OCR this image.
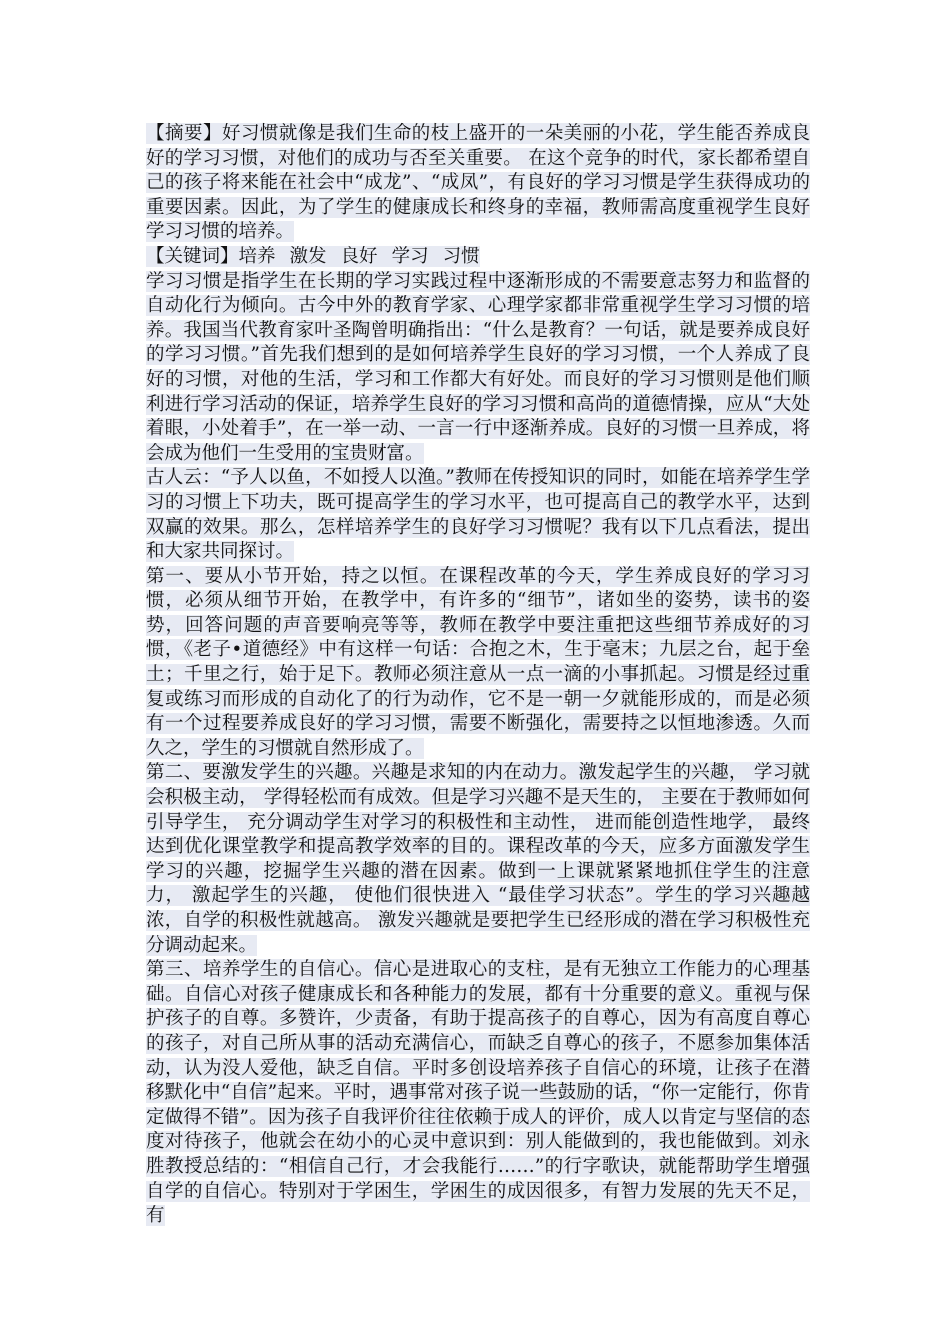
【摘要】好习惯就像是我们生命的枝上盛开的一朵美丽的小花，学生能否养成良好的学习习惯，对他们的成功与否至关重要。 在这个竞争的时代，家长都希望自己的孩子将来能在社会中“成龙”、“成凤”，有良好的学习习惯是学生获得成功的重要因素。因此，为了学生的健康成长和终身的幸福，教师需高度重视学生良好学习习惯的培养。

【关键词】培养 激发 良好 学习 习惯

学习习惯是指学生在长期的学习实践过程中逐渐形成的不需要意志努力和监督的自动化行为倾向。古今中外的教育学家、心理学家都非常重视学生学习习惯的培养。我国当代教育家叶圣陶曾明确指出：“什么是教育？一句话，就是要养成良好的学习习惯。”首先我们想到的是如何培养学生良好的学习习惯，一个人养成了良好的习惯，对他的生活，学习和工作都大有好处。而良好的学习习惯则是他们顺利进行学习活动的保证，培养学生良好的学习习惯和高尚的道德情操，应从“大处着眼，小处着手”，在一举一动、一言一行中逐渐养成。良好的习惯一旦养成，将会成为他们一生受用的宝贵财富。

古人云：“予人以鱼，不如授人以渔。”教师在传授知识的同时，如能在培养学生学习的习惯上下功夫，既可提高学生的学习水平，也可提高自己的教学水平，达到双赢的效果。那么，怎样培养学生的良好学习习惯呢？我有以下几点看法，提出和大家共同探讨。

第一、要从小节开始，持之以恒。在课程改革的今天，学生养成良好的学习习惯，必须从细节开始，在教学中，有许多的“细节”，诸如坐的姿势，读书的姿势，回答问题的声音要响亮等等，教师在教学中要注重把这些细节养成好的习惯，《老子•道德经》中有这样一句话：合抱之木，生于毫末；九层之台，起于垒土；千里之行，始于足下。教师必须注意从一点一滴的小事抓起。习惯是经过重复或练习而形成的自动化了的行为动作，它不是一朝一夕就能形成的，而是必须有一个过程要养成良好的学习习惯，需要不断强化，需要持之以恒地渗透。久而久之，学生的习惯就自然形成了。

第二、要激发学生的兴趣。兴趣是求知的内在动力。激发起学生的兴趣， 学习就会积极主动， 学得轻松而有成效。但是学习兴趣不是天生的， 主要在于教师如何引导学生， 充分调动学生对学习的积极性和主动性， 进而能创造性地学， 最终达到优化课堂教学和提高教学效率的目的。课程改革的今天，应多方面激发学生学习的兴趣，挖掘学生兴趣的潜在因素。做到一上课就紧紧地抓住学生的注意力， 激起学生的兴趣， 使他们很快进入 “最佳学习状态”。学生的学习兴趣越浓，自学的积极性就越高。 激发兴趣就是要把学生已经形成的潜在学习积极性充分调动起来。

第三、培养学生的自信心。信心是进取心的支柱，是有无独立工作能力的心理基础。自信心对孩子健康成长和各种能力的发展，都有十分重要的意义。重视与保护孩子的自尊。多赞许，少责备，有助于提高孩子的自尊心，因为有高度自尊心的孩子，对自己所从事的活动充满信心，而缺乏自尊心的孩子，不愿参加集体活动，认为没人爱他，缺乏自信。平时多创设培养孩子自信心的环境，让孩子在潜移默化中“自信”起来。平时，遇事常对孩子说一些鼓励的话，“你一定能行，你肯定做得不错”。因为孩子自我评价往往依赖于成人的评价，成人以肯定与坚信的态度对待孩子，他就会在幼小的心灵中意识到：别人能做到的，我也能做到。刘永胜教授总结的：“相信自己行，才会我能行……”的行字歌诀，就能帮助学生增强自学的自信心。特别对于学困生，学困生的成因很多，有智力发展的先天不足，有
